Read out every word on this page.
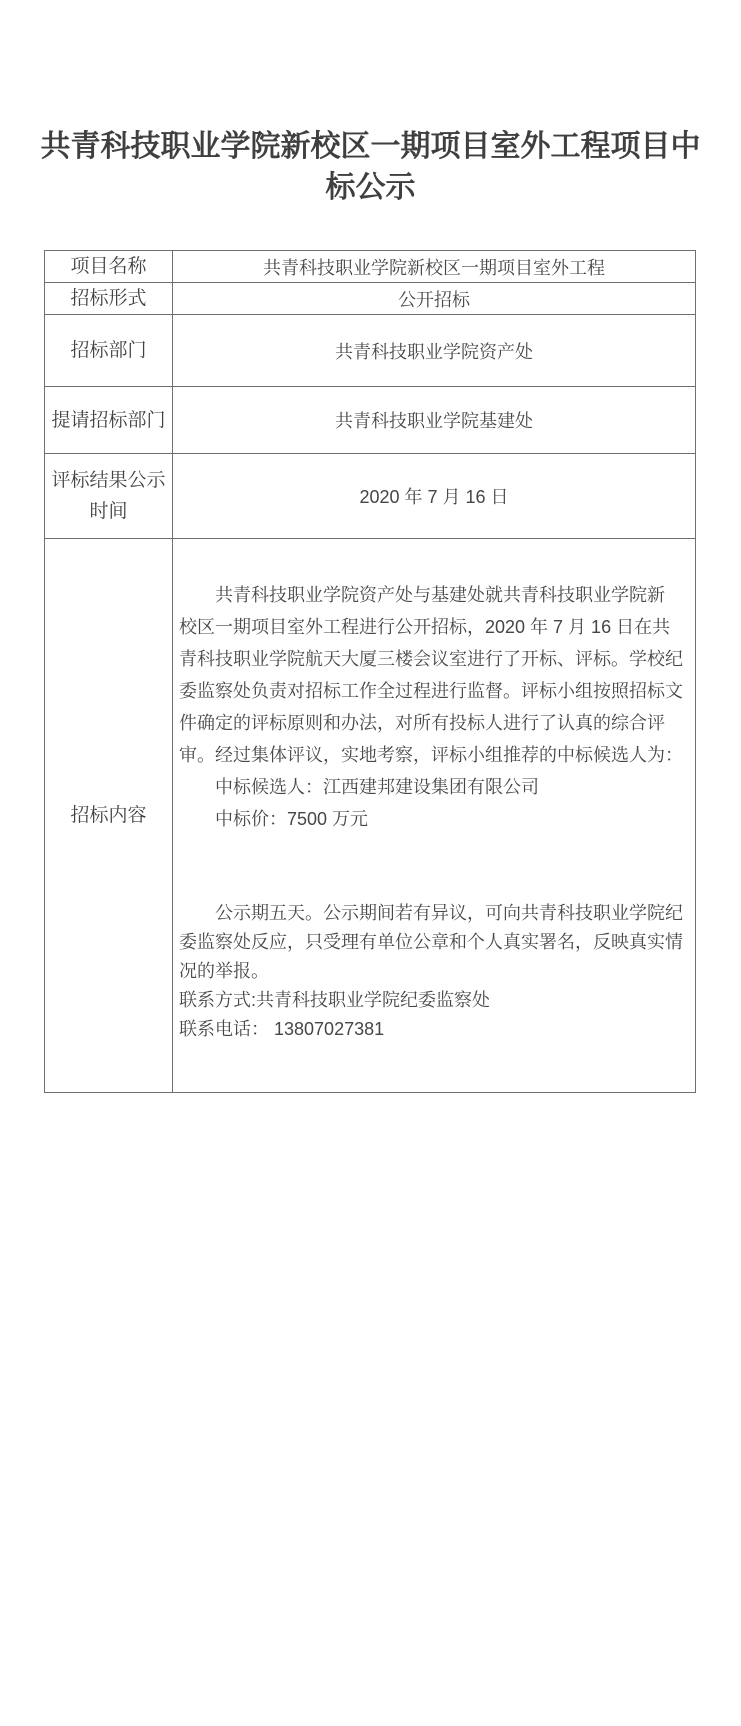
共青科技职业学院新校区一期项目室外工程项目中
标公示
项目名称	共青科技职业学院新校区一期项目室外工程
招标形式	公开招标
招标部门	共青科技职业学院资产处
提请招标部门	共青科技职业学院基建处
评标结果公示时间	2020 年 7 月 16 日
招标内容	
共青科技职业学院资产处与基建处就共青科技职业学院新
校区一期项目室外工程进行公开招标，2020 年 7 月 16 日在共
青科技职业学院航天大厦三楼会议室进行了开标、评标。学校纪
委监察处负责对招标工作全过程进行监督。评标小组按照招标文
件确定的评标原则和办法，对所有投标人进行了认真的综合评
审。经过集体评议，实地考察，评标小组推荐的中标候选人为：
中标候选人：江西建邦建设集团有限公司
中标价：7500 万元
公示期五天。公示期间若有异议，可向共青科技职业学院纪
委监察处反应，只受理有单位公章和个人真实署名，反映真实情
况的举报。
联系方式:共青科技职业学院纪委监察处
联系电话： 13807027381
